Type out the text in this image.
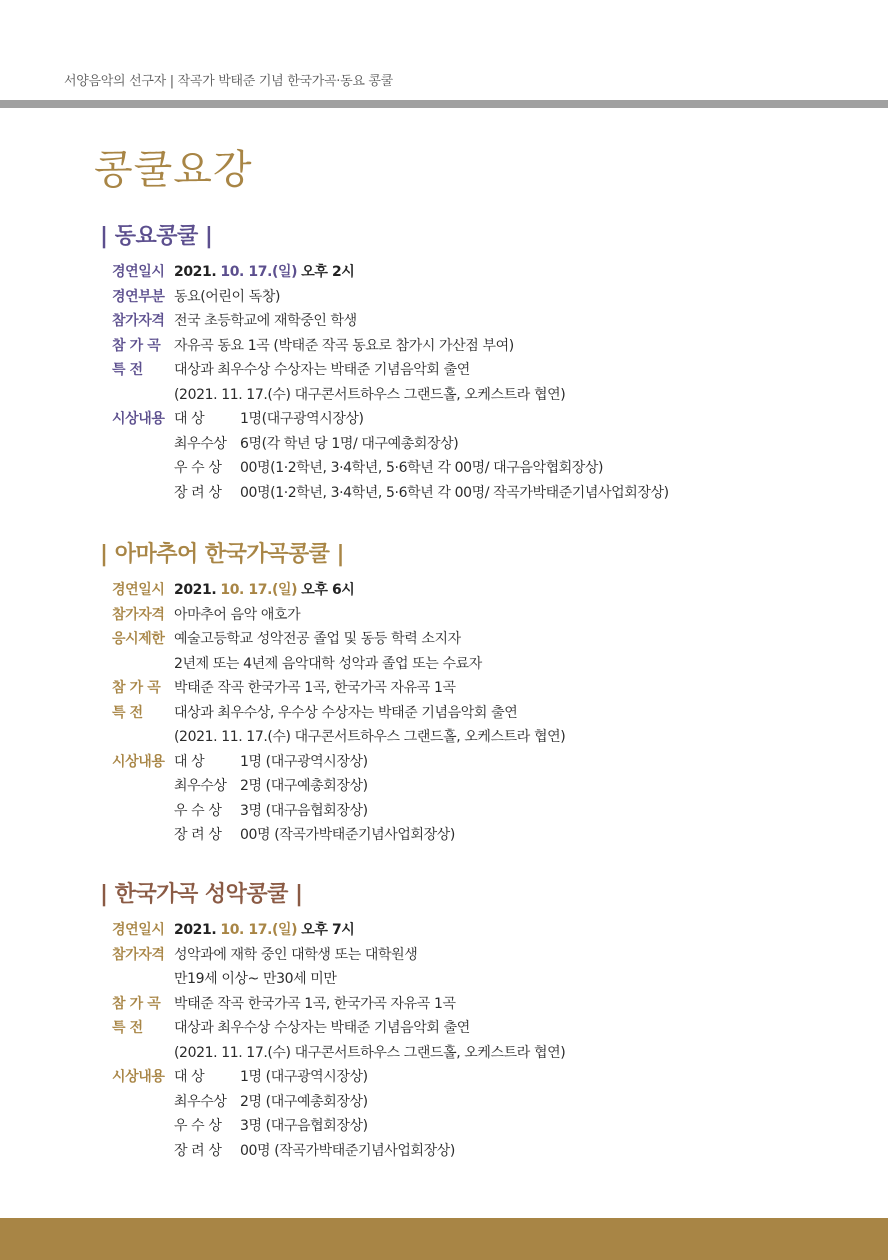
서양음악의 선구자 | 작곡가 박태준 기념 한국가곡·동요 콩쿨
콩쿨요강
| 동요콩쿨 |
경연일시 2021. 10. 17.(일) 오후 2시
경연부분 동요(어린이 독창)
참가자격 전국 초등학교에 재학중인 학생
참 가 곡 자유곡 동요 1곡 (박태준 작곡 동요로 참가시 가산점 부여)
특 전	대상과 최우수상 수상자는 박태준 기념음악회 출연
(2021. 11. 17.(수) 대구콘서트하우스 그랜드홀, 오케스트라 협연)
시상내용 대 상	1명(대구광역시장상)
최우수상 6명(각 학년 당 1명/ 대구예총회장상)
우 수 상 00명(1·2학년, 3·4학년, 5·6학년 각 00명/ 대구음악협회장상)
장 려 상 00명(1·2학년, 3·4학년, 5·6학년 각 00명/ 작곡가박태준기념사업회장상)
| 아마추어 한국가곡콩쿨 |
경연일시 2021. 10. 17.(일) 오후 6시
참가자격 아마추어 음악 애호가
응시제한 예술고등학교 성악전공 졸업 및 동등 학력 소지자
2년제 또는 4년제 음악대학 성악과 졸업 또는 수료자
참 가 곡 박태준 작곡 한국가곡 1곡, 한국가곡 자유곡 1곡
특 전	대상과 최우수상, 우수상 수상자는 박태준 기념음악회 출연
(2021. 11. 17.(수) 대구콘서트하우스 그랜드홀, 오케스트라 협연)
시상내용 대 상	1명 (대구광역시장상)
최우수상 2명 (대구예총회장상)
우 수 상 3명 (대구음협회장상)
장 려 상 00명 (작곡가박태준기념사업회장상)
| 한국가곡 성악콩쿨 |
경연일시 2021. 10. 17.(일) 오후 7시
참가자격 성악과에 재학 중인 대학생 또는 대학원생
만19세 이상~ 만30세 미만
참 가 곡 박태준 작곡 한국가곡 1곡, 한국가곡 자유곡 1곡
특 전	대상과 최우수상 수상자는 박태준 기념음악회 출연
(2021. 11. 17.(수) 대구콘서트하우스 그랜드홀, 오케스트라 협연)
시상내용 대 상	1명 (대구광역시장상)
최우수상 2명 (대구예총회장상)
우 수 상 3명 (대구음협회장상)
장 려 상 00명 (작곡가박태준기념사업회장상)
